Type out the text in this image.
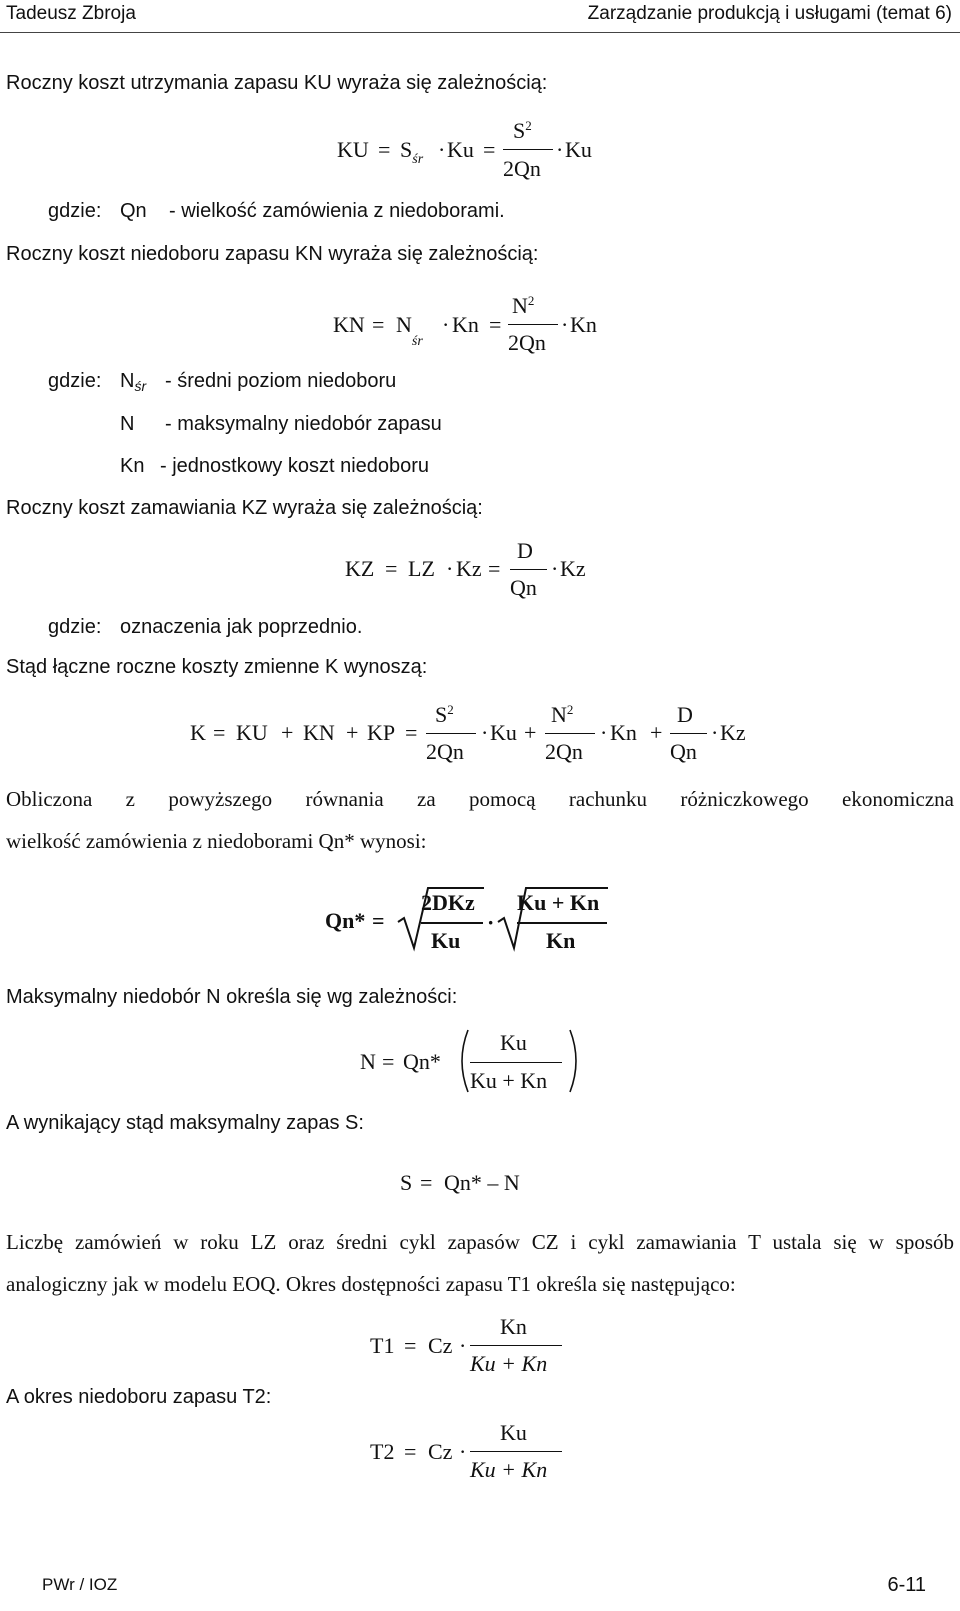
Tadeusz Zbroja	Zarządzanie produkcją i usługami (temat 6)
Roczny koszt utrzymania zapasu KU wyraża się zależnością:
KU = $S_{śr} \cdot Ku$ =
$S^2$
2Qn
· Ku
gdzie: Qn - wielkość zamówienia z niedoborami.
Roczny koszt niedoboru zapasu KN wyraża się zależnością:
KN = $N_{śr}$
· Kn =
$N^2$
2Qn
· Kn
gdzie: $N_{śr}$ - średni poziom niedoboru
N - maksymalny niedobór zapasu
Kn - jednostkowy koszt niedoboru
Roczny koszt zamawiania KZ wyraża się zależnością:
KZ = LZ · Kz =
D
Qn
· Kz
gdzie: oznaczenia jak poprzednio.
Stąd łączne roczne koszty zmienne K wynoszą:
K = KU + KN + KP =
$S^2$
2Qn
· Ku +
$N^2$
2Qn
· Kn +
D
Qn
· Kz
Obliczona z powyższego równania za pomocą rachunku różniczkowego ekonomiczna
wielkość zamówienia z niedoborami Qn* wynosi:
Qn* =
2DKz
Ku
·
Ku + Kn
Kn
Maksymalny niedobór N określa się wg zależności:
N = Qn*
Ku
Ku + Kn
A wynikający stąd maksymalny zapas S:
S = Qn* – N
Liczbę zamówień w roku LZ oraz średni cykl zapasów CZ i cykl zamawiania T ustala się w sposób
analogiczny jak w modelu EOQ. Okres dostępności zapasu T1 określa się następująco:
T1 = Cz ·
Kn
Ku + Kn
A okres niedoboru zapasu T2:
T2 = Cz ·
Ku
Ku + Kn
PWr / IOZ	6-11
